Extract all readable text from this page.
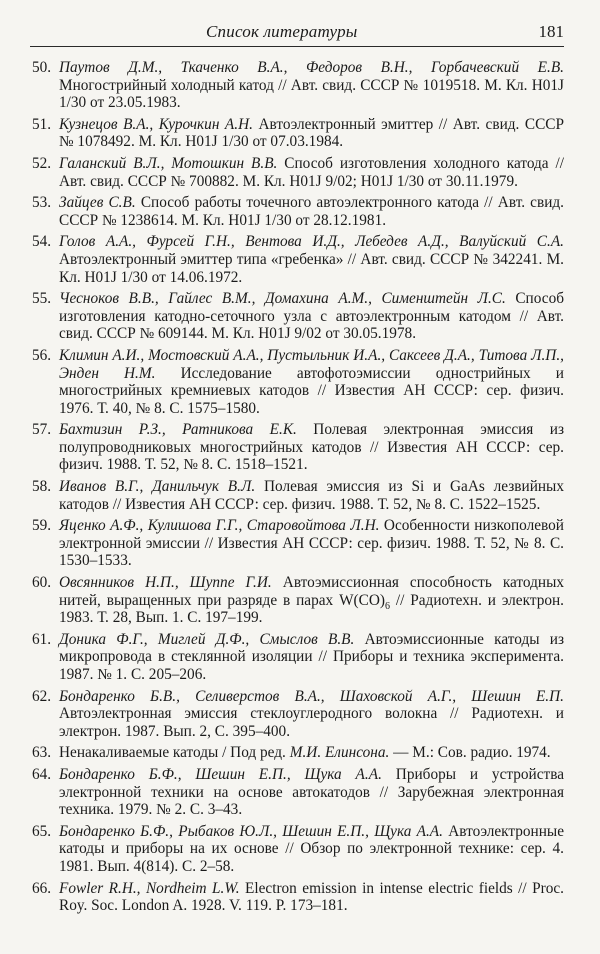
Список литературы	181
50. Паутов Д.М., Ткаченко В.А., Федоров В.Н., Горбачевский Е.В. Многострийный холодный катод // Авт. свид. СССР № 1019518. М. Кл. H01J 1/30 от 23.05.1983.
51. Кузнецов В.А., Курочкин А.Н. Автоэлектронный эмиттер // Авт. свид. СССР № 1078492. М. Кл. H01J 1/30 от 07.03.1984.
52. Галанский В.Л., Мотошкин В.В. Способ изготовления холодного катода // Авт. свид. СССР № 700882. М. Кл. H01J 9/02; H01J 1/30 от 30.11.1979.
53. Зайцев С.В. Способ работы точечного автоэлектронного катода // Авт. свид. СССР № 1238614. М. Кл. H01J 1/30 от 28.12.1981.
54. Голов А.А., Фурсей Г.Н., Вентова И.Д., Лебедев А.Д., Валуйский С.А. Автоэлектронный эмиттер типа «гребенка» // Авт. свид. СССР № 342241. М. Кл. H01J 1/30 от 14.06.1972.
55. Чесноков В.В., Гайлес В.М., Домахина А.М., Сименштейн Л.С. Способ изготовления катодно-сеточного узла с автоэлектронным катодом // Авт. свид. СССР № 609144. М. Кл. H01J 9/02 от 30.05.1978.
56. Климин А.И., Мостовский А.А., Пустыльник И.А., Саксеев Д.А., Титова Л.П., Энден Н.М. Исследование автофотоэмиссии однострийных и многострийных кремниевых катодов // Известия АН СССР: сер. физич. 1976. Т. 40, № 8. С. 1575–1580.
57. Бахтизин Р.З., Ратникова Е.К. Полевая электронная эмиссия из полупроводниковых многострийных катодов // Известия АН СССР: сер. физич. 1988. Т. 52, № 8. С. 1518–1521.
58. Иванов В.Г., Данильчук В.Л. Полевая эмиссия из Si и GaAs лезвийных катодов // Известия АН СССР: сер. физич. 1988. Т. 52, № 8. С. 1522–1525.
59. Яценко А.Ф., Кулишова Г.Г., Старовойтова Л.Н. Особенности низкополевой электронной эмиссии // Известия АН СССР: сер. физич. 1988. Т. 52, № 8. С. 1530–1533.
60. Овсянников Н.П., Шуппе Г.И. Автоэмиссионная способность катодных нитей, выращенных при разряде в парах $W(CO)_6$ // Радиотехн. и электрон. 1983. Т. 28, Вып. 1. С. 197–199.
61. Доника Ф.Г., Миглей Д.Ф., Смыслов В.В. Автоэмиссионные катоды из микропровода в стеклянной изоляции // Приборы и техника эксперимента. 1987. № 1. С. 205–206.
62. Бондаренко Б.В., Селиверстов В.А., Шаховской А.Г., Шешин Е.П. Автоэлектронная эмиссия стеклоуглеродного волокна // Радиотехн. и электрон. 1987. Вып. 2, С. 395–400.
63. Ненакаливаемые катоды / Под ред. М.И. Елинсона. — М.: Сов. радио. 1974.
64. Бондаренко Б.Ф., Шешин Е.П., Щука А.А. Приборы и устройства электронной техники на основе автокатодов // Зарубежная электронная техника. 1979. № 2. С. 3–43.
65. Бондаренко Б.Ф., Рыбаков Ю.Л., Шешин Е.П., Щука А.А. Автоэлектронные катоды и приборы на их основе // Обзор по электронной технике: сер. 4. 1981. Вып. 4(814). С. 2–58.
66. Fowler R.H., Nordheim L.W. Electron emission in intense electric fields // Proc. Roy. Soc. London A. 1928. V. 119. P. 173–181.
